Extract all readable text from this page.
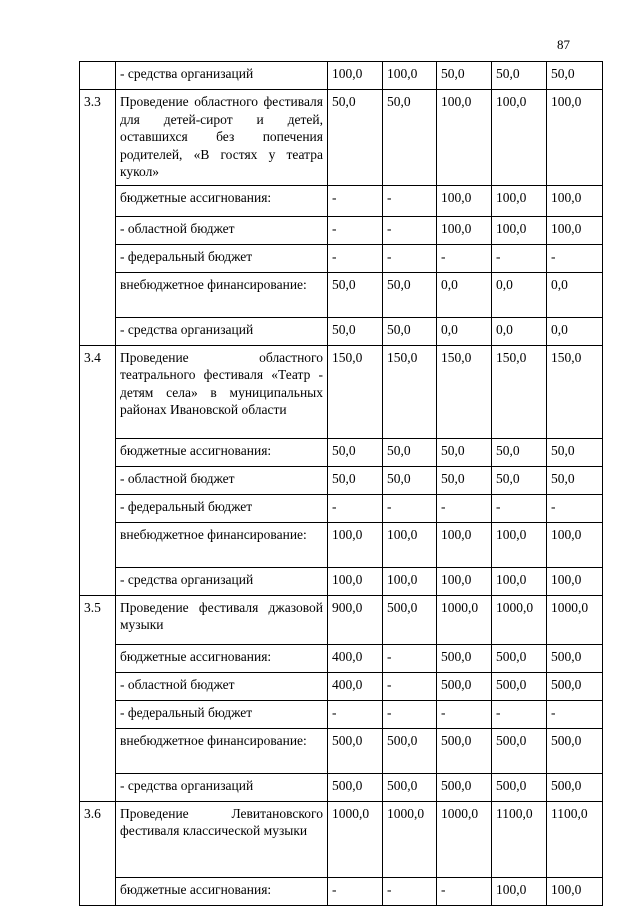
87
	- средства организаций	100,0	100,0	50,0	50,0	50,0
3.3	Проведение областного фестиваля для детей-сирот и детей, оставшихся без попечения родителей, «В гостях у театра кукол»	50,0	50,0	100,0	100,0	100,0
	бюджетные ассигнования:	-	-	100,0	100,0	100,0
	- областной бюджет	-	-	100,0	100,0	100,0
	- федеральный бюджет	-	-	-	-	-
	внебюджетное финансирование:	50,0	50,0	0,0	0,0	0,0
	- средства организаций	50,0	50,0	0,0	0,0	0,0
3.4	Проведение областного театрального фестиваля «Театр - детям села» в муниципальных районах Ивановской области	150,0	150,0	150,0	150,0	150,0
	бюджетные ассигнования:	50,0	50,0	50,0	50,0	50,0
	- областной бюджет	50,0	50,0	50,0	50,0	50,0
	- федеральный бюджет	-	-	-	-	-
	внебюджетное финансирование:	100,0	100,0	100,0	100,0	100,0
	- средства организаций	100,0	100,0	100,0	100,0	100,0
3.5	Проведение фестиваля джазовой музыки	900,0	500,0	1000,0	1000,0	1000,0
	бюджетные ассигнования:	400,0	-	500,0	500,0	500,0
	- областной бюджет	400,0	-	500,0	500,0	500,0
	- федеральный бюджет	-	-	-	-	-
	внебюджетное финансирование:	500,0	500,0	500,0	500,0	500,0
	- средства организаций	500,0	500,0	500,0	500,0	500,0
3.6	Проведение Левитановского фестиваля классической музыки	1000,0	1000,0	1000,0	1100,0	1100,0
	бюджетные ассигнования:	-	-	-	100,0	100,0
